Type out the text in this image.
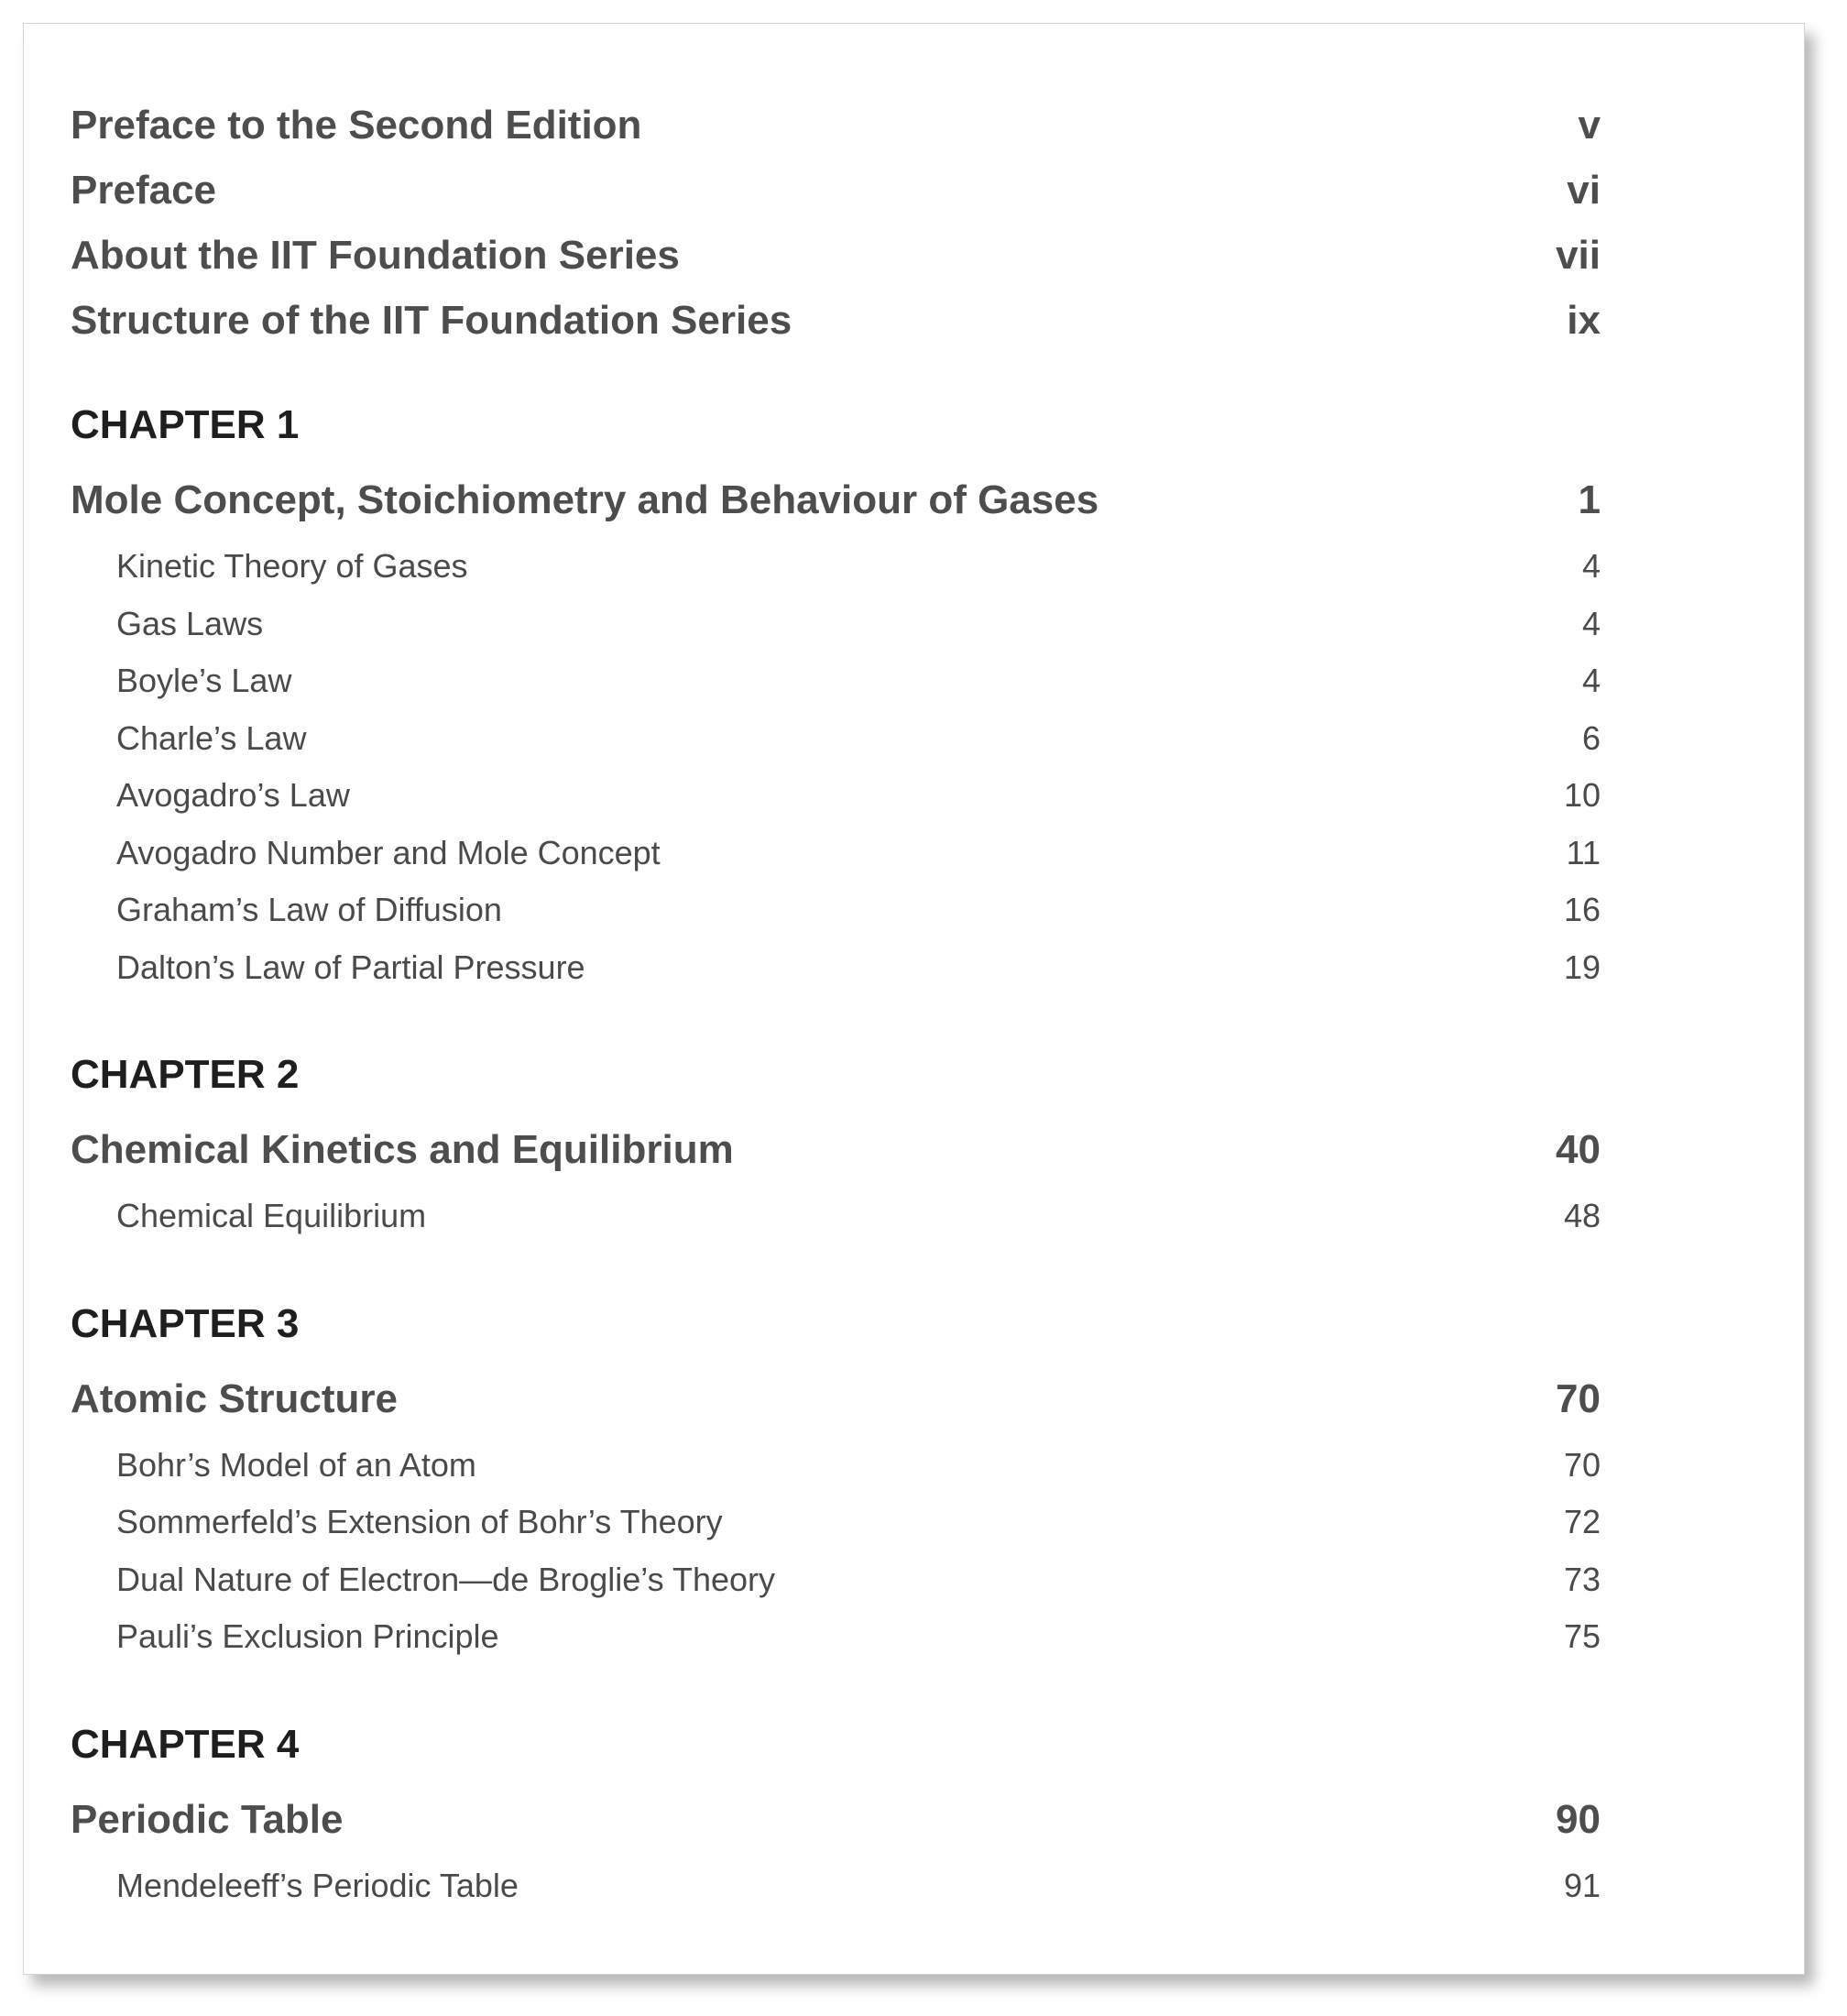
Preface to the Second Edition	v
Preface	vi
About the IIT Foundation Series	vii
Structure of the IIT Foundation Series	ix
CHAPTER 1
Mole Concept, Stoichiometry and Behaviour of Gases	1
Kinetic Theory of Gases	4
Gas Laws	4
Boyle’s Law	4
Charle’s Law	6
Avogadro’s Law	10
Avogadro Number and Mole Concept	11
Graham’s Law of Diffusion	16
Dalton’s Law of Partial Pressure	19
CHAPTER 2
Chemical Kinetics and Equilibrium	40
Chemical Equilibrium	48
CHAPTER 3
Atomic Structure	70
Bohr’s Model of an Atom	70
Sommerfeld’s Extension of Bohr’s Theory	72
Dual Nature of Electron—de Broglie’s Theory	73
Pauli’s Exclusion Principle	75
CHAPTER 4
Periodic Table	90
Mendeleeff’s Periodic Table	91
